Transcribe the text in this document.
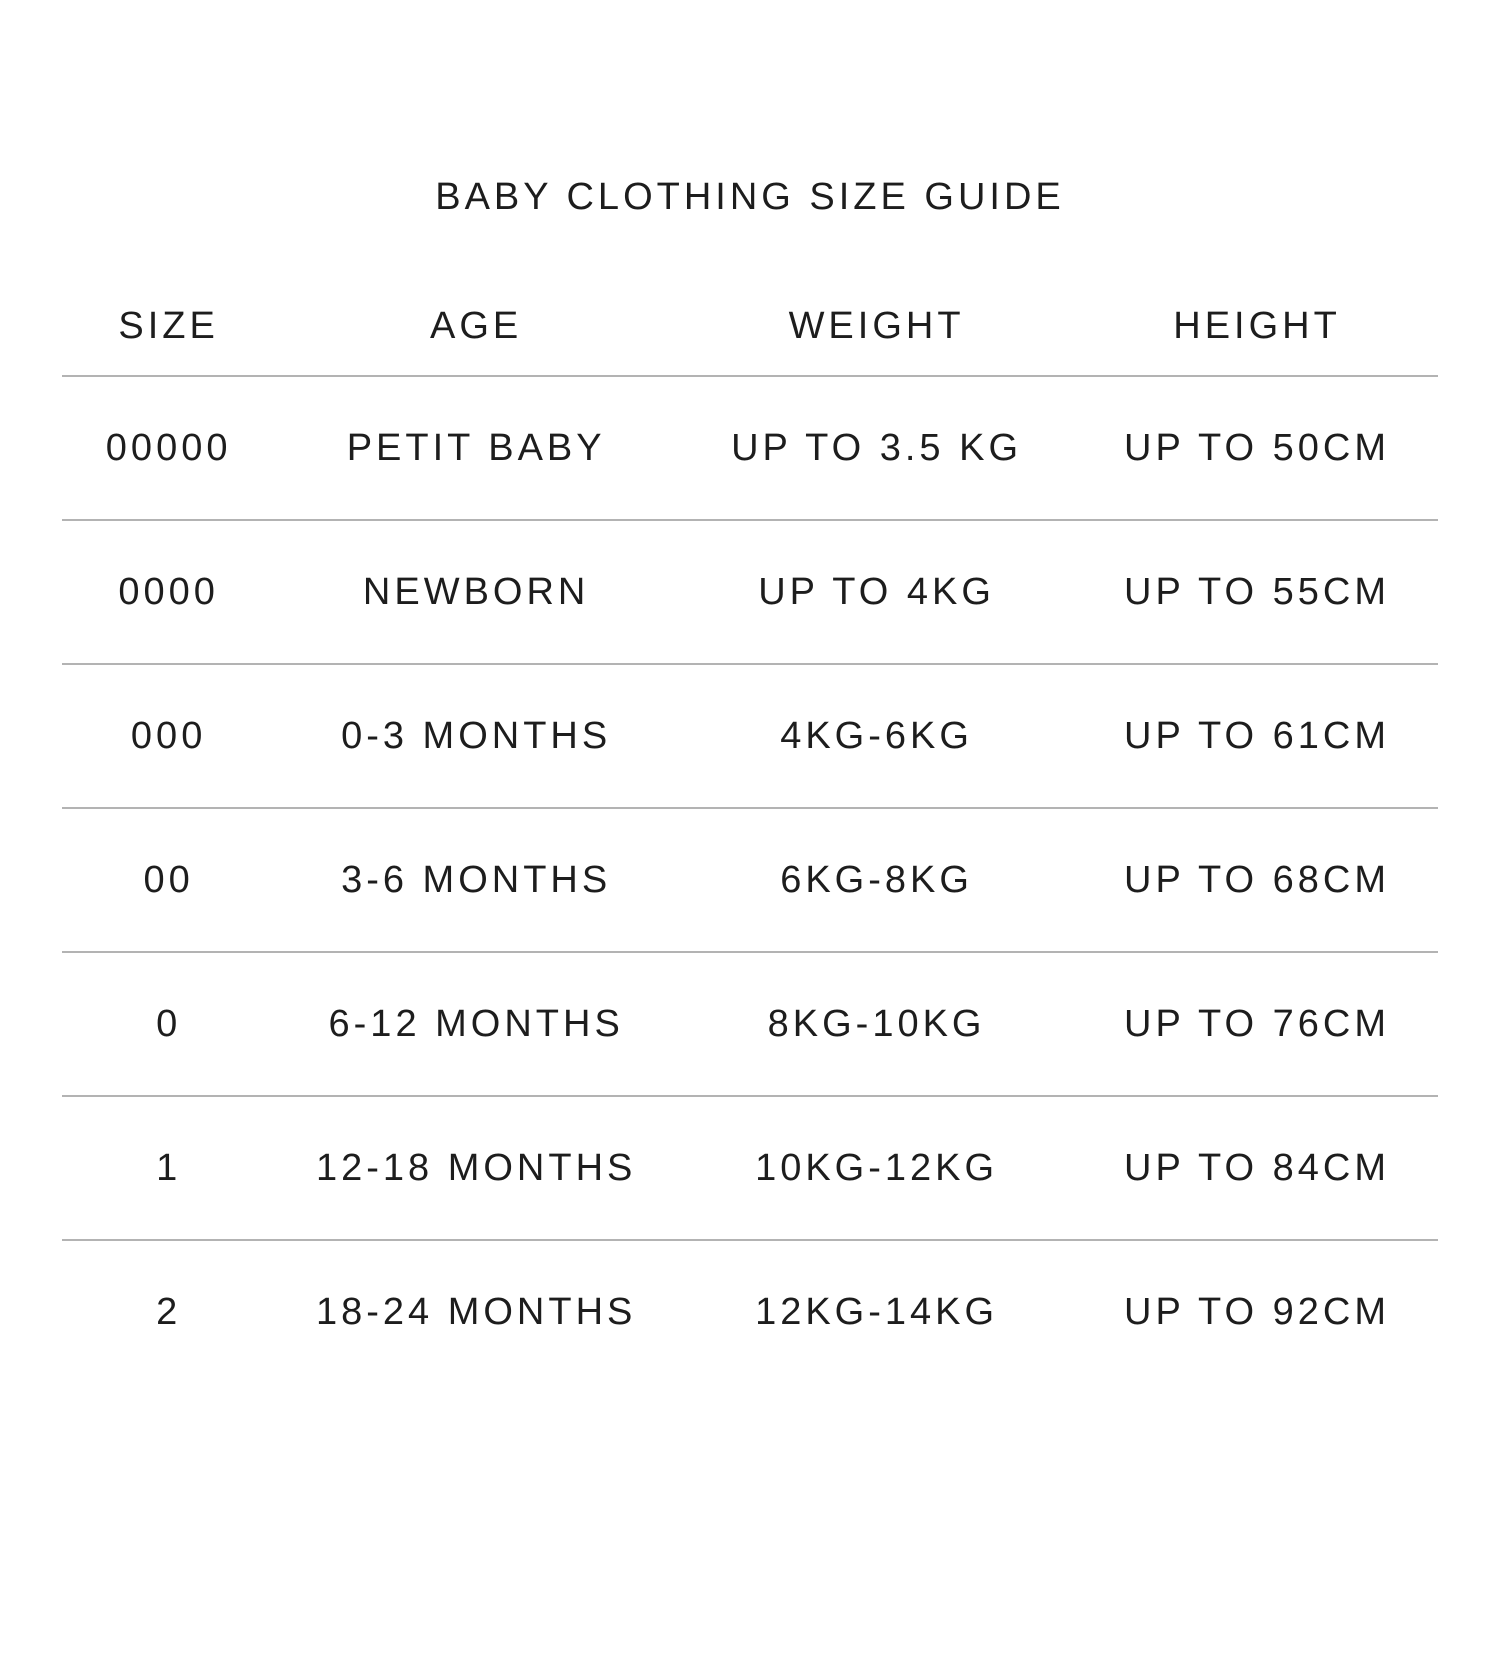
BABY CLOTHING SIZE GUIDE
SIZE	AGE	WEIGHT	HEIGHT
00000	PETIT BABY	UP TO 3.5 KG	UP TO 50CM
0000	NEWBORN	UP TO 4KG	UP TO 55CM
000	0-3 MONTHS	4KG-6KG	UP TO 61CM
00	3-6 MONTHS	6KG-8KG	UP TO 68CM
0	6-12 MONTHS	8KG-10KG	UP TO 76CM
1	12-18 MONTHS	10KG-12KG	UP TO 84CM
2	18-24 MONTHS	12KG-14KG	UP TO 92CM
